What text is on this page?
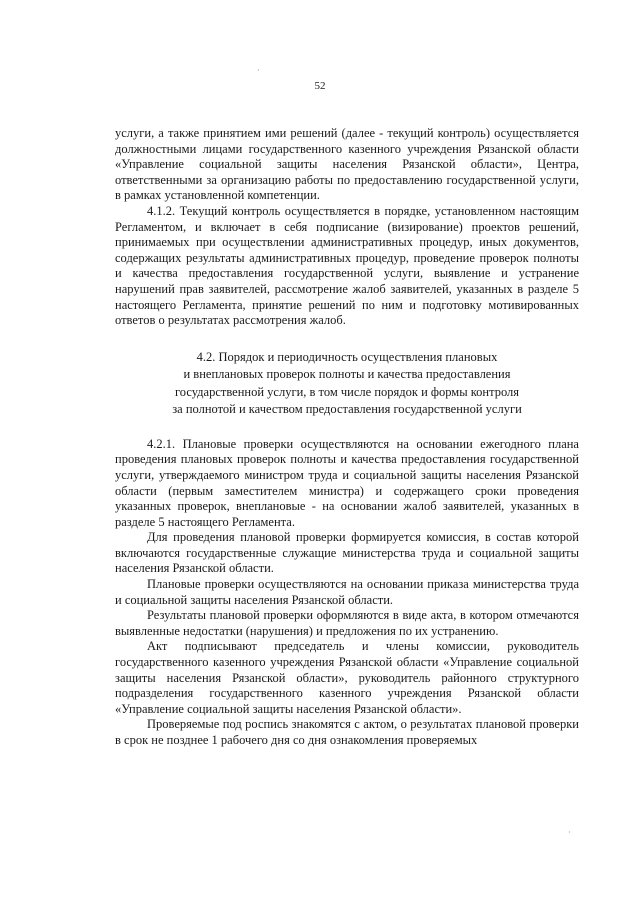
52

услуги, а также принятием ими решений (далее - текущий контроль) осуществляется должностными лицами государственного казенного учреждения Рязанской области «Управление социальной защиты населения Рязанской области», Центра, ответственными за организацию работы по предоставлению государственной услуги, в рамках установленной компетенции.

4.1.2. Текущий контроль осуществляется в порядке, установленном настоящим Регламентом, и включает в себя подписание (визирование) проектов решений, принимаемых при осуществлении административных процедур, иных документов, содержащих результаты административных процедур, проведение проверок полноты и качества предоставления государственной услуги, выявление и устранение нарушений прав заявителей, рассмотрение жалоб заявителей, указанных в разделе 5 настоящего Регламента, принятие решений по ним и подготовку мотивированных ответов о результатах рассмотрения жалоб.

4.2. Порядок и периодичность осуществления плановых
и внеплановых проверок полноты и качества предоставления
государственной услуги, в том числе порядок и формы контроля
за полнотой и качеством предоставления государственной услуги

4.2.1. Плановые проверки осуществляются на основании ежегодного плана проведения плановых проверок полноты и качества предоставления государственной услуги, утверждаемого министром труда и социальной защиты населения Рязанской области (первым заместителем министра) и содержащего сроки проведения указанных проверок, внеплановые - на основании жалоб заявителей, указанных в разделе 5 настоящего Регламента.

Для проведения плановой проверки формируется комиссия, в состав которой включаются государственные служащие министерства труда и социальной защиты населения Рязанской области.

Плановые проверки осуществляются на основании приказа министерства труда и социальной защиты населения Рязанской области.

Результаты плановой проверки оформляются в виде акта, в котором отмечаются выявленные недостатки (нарушения) и предложения по их устранению.

Акт подписывают председатель и члены комиссии, руководитель государственного казенного учреждения Рязанской области «Управление социальной защиты населения Рязанской области», руководитель районного структурного подразделения государственного казенного учреждения Рязанской области «Управление социальной защиты населения Рязанской области».

Проверяемые под роспись знакомятся с актом, о результатах плановой проверки в срок не позднее 1 рабочего дня со дня ознакомления проверяемых

·
·
